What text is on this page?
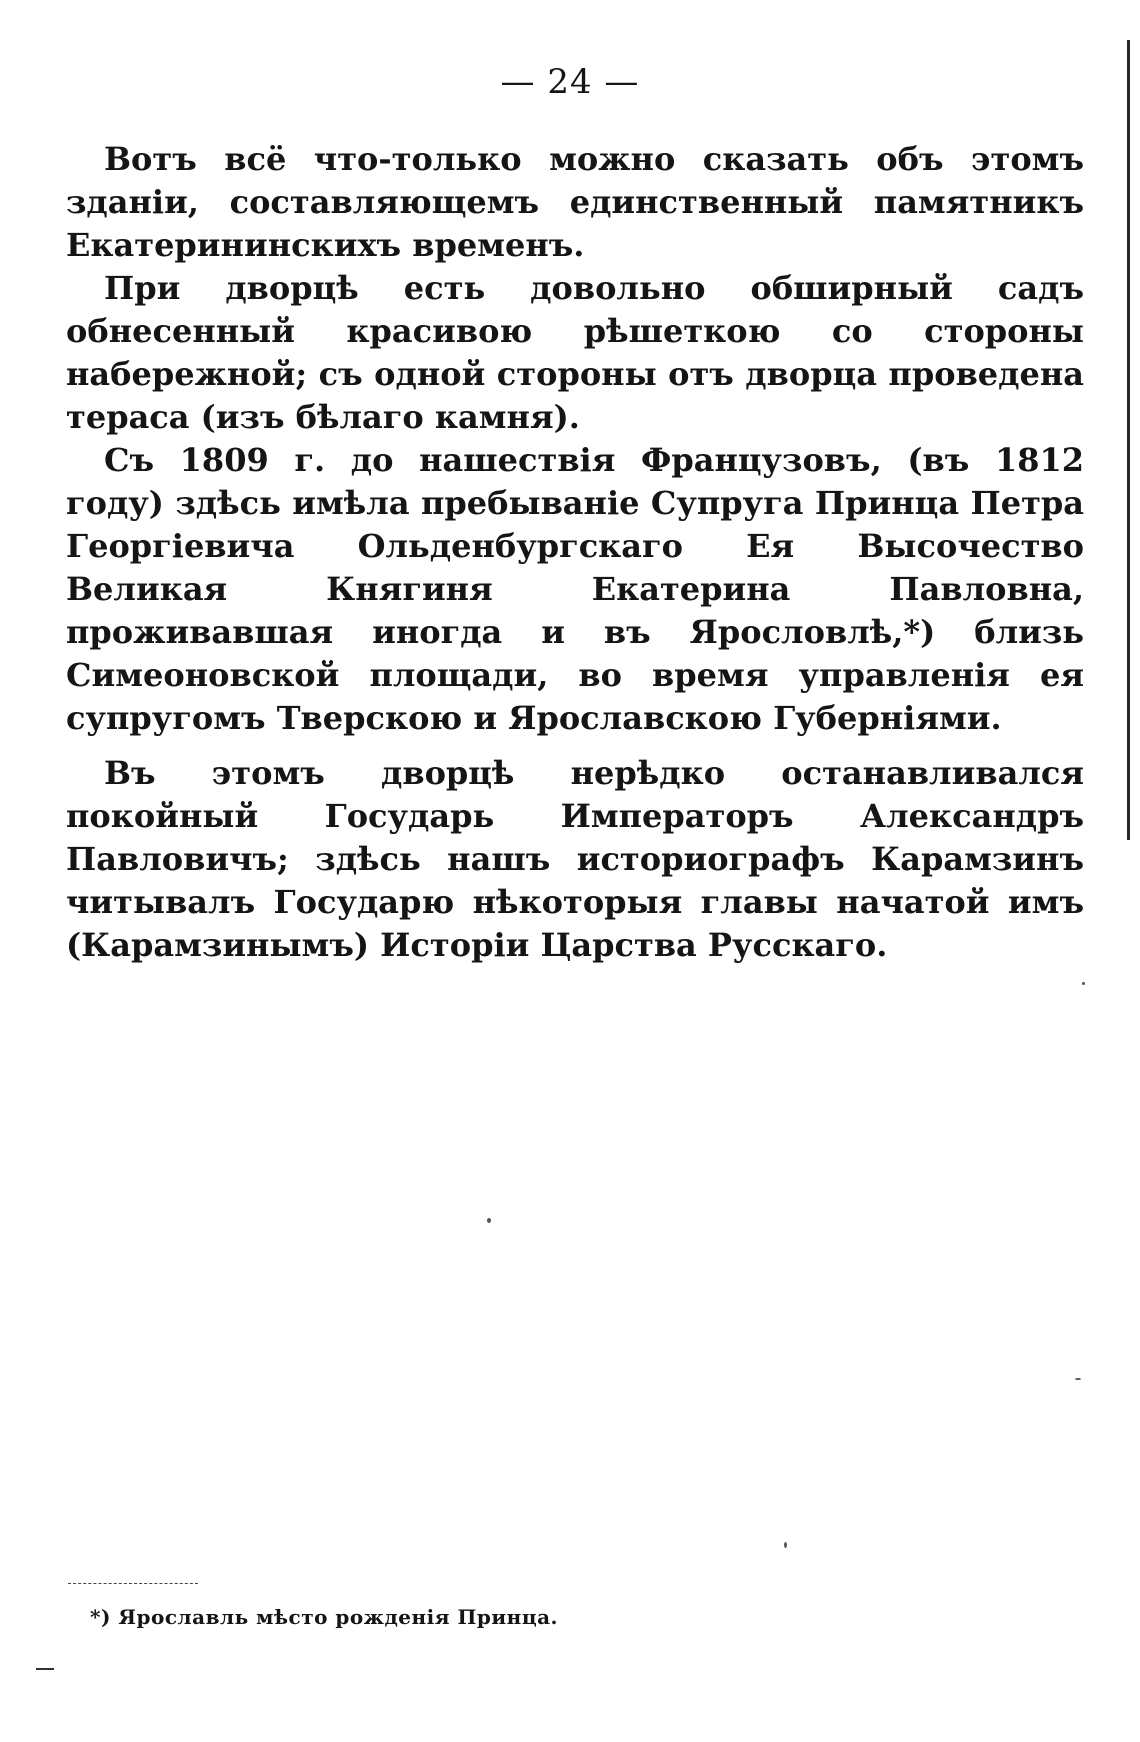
— 24 —

Вотъ всё что-только можно сказать объ этомъ зданiи, составляющемъ единственный памятникъ Екатерининскихъ временъ.

При дворцѣ есть довольно обширный садъ обнесенный красивою рѣшеткою со стороны набережной; съ одной стороны отъ дворца проведена тераса (изъ бѣлаго камня).

Съ 1809 г. до нашествiя Французовъ, (въ 1812 году) здѣсь имѣла пребыванiе Супруга Принца Петра Георгiевича Ольденбургскаго Ея Высочество Великая Княгиня Екатерина Павловна, проживавшая иногда и въ Ярословлѣ,*) близь Симеоновской площади, во время управленiя ея супругомъ Тверскою и Ярославскою Губернiями.

Въ этомъ дворцѣ нерѣдко останавливался покойный Государь Императоръ Александръ Павловичъ; здѣсь нашъ историографъ Карамзинъ читывалъ Государю нѣкоторыя главы начатой имъ (Карамзинымъ) Исторiи Царства Русскаго.

*) Ярославль мѣсто рожденiя Принца.
